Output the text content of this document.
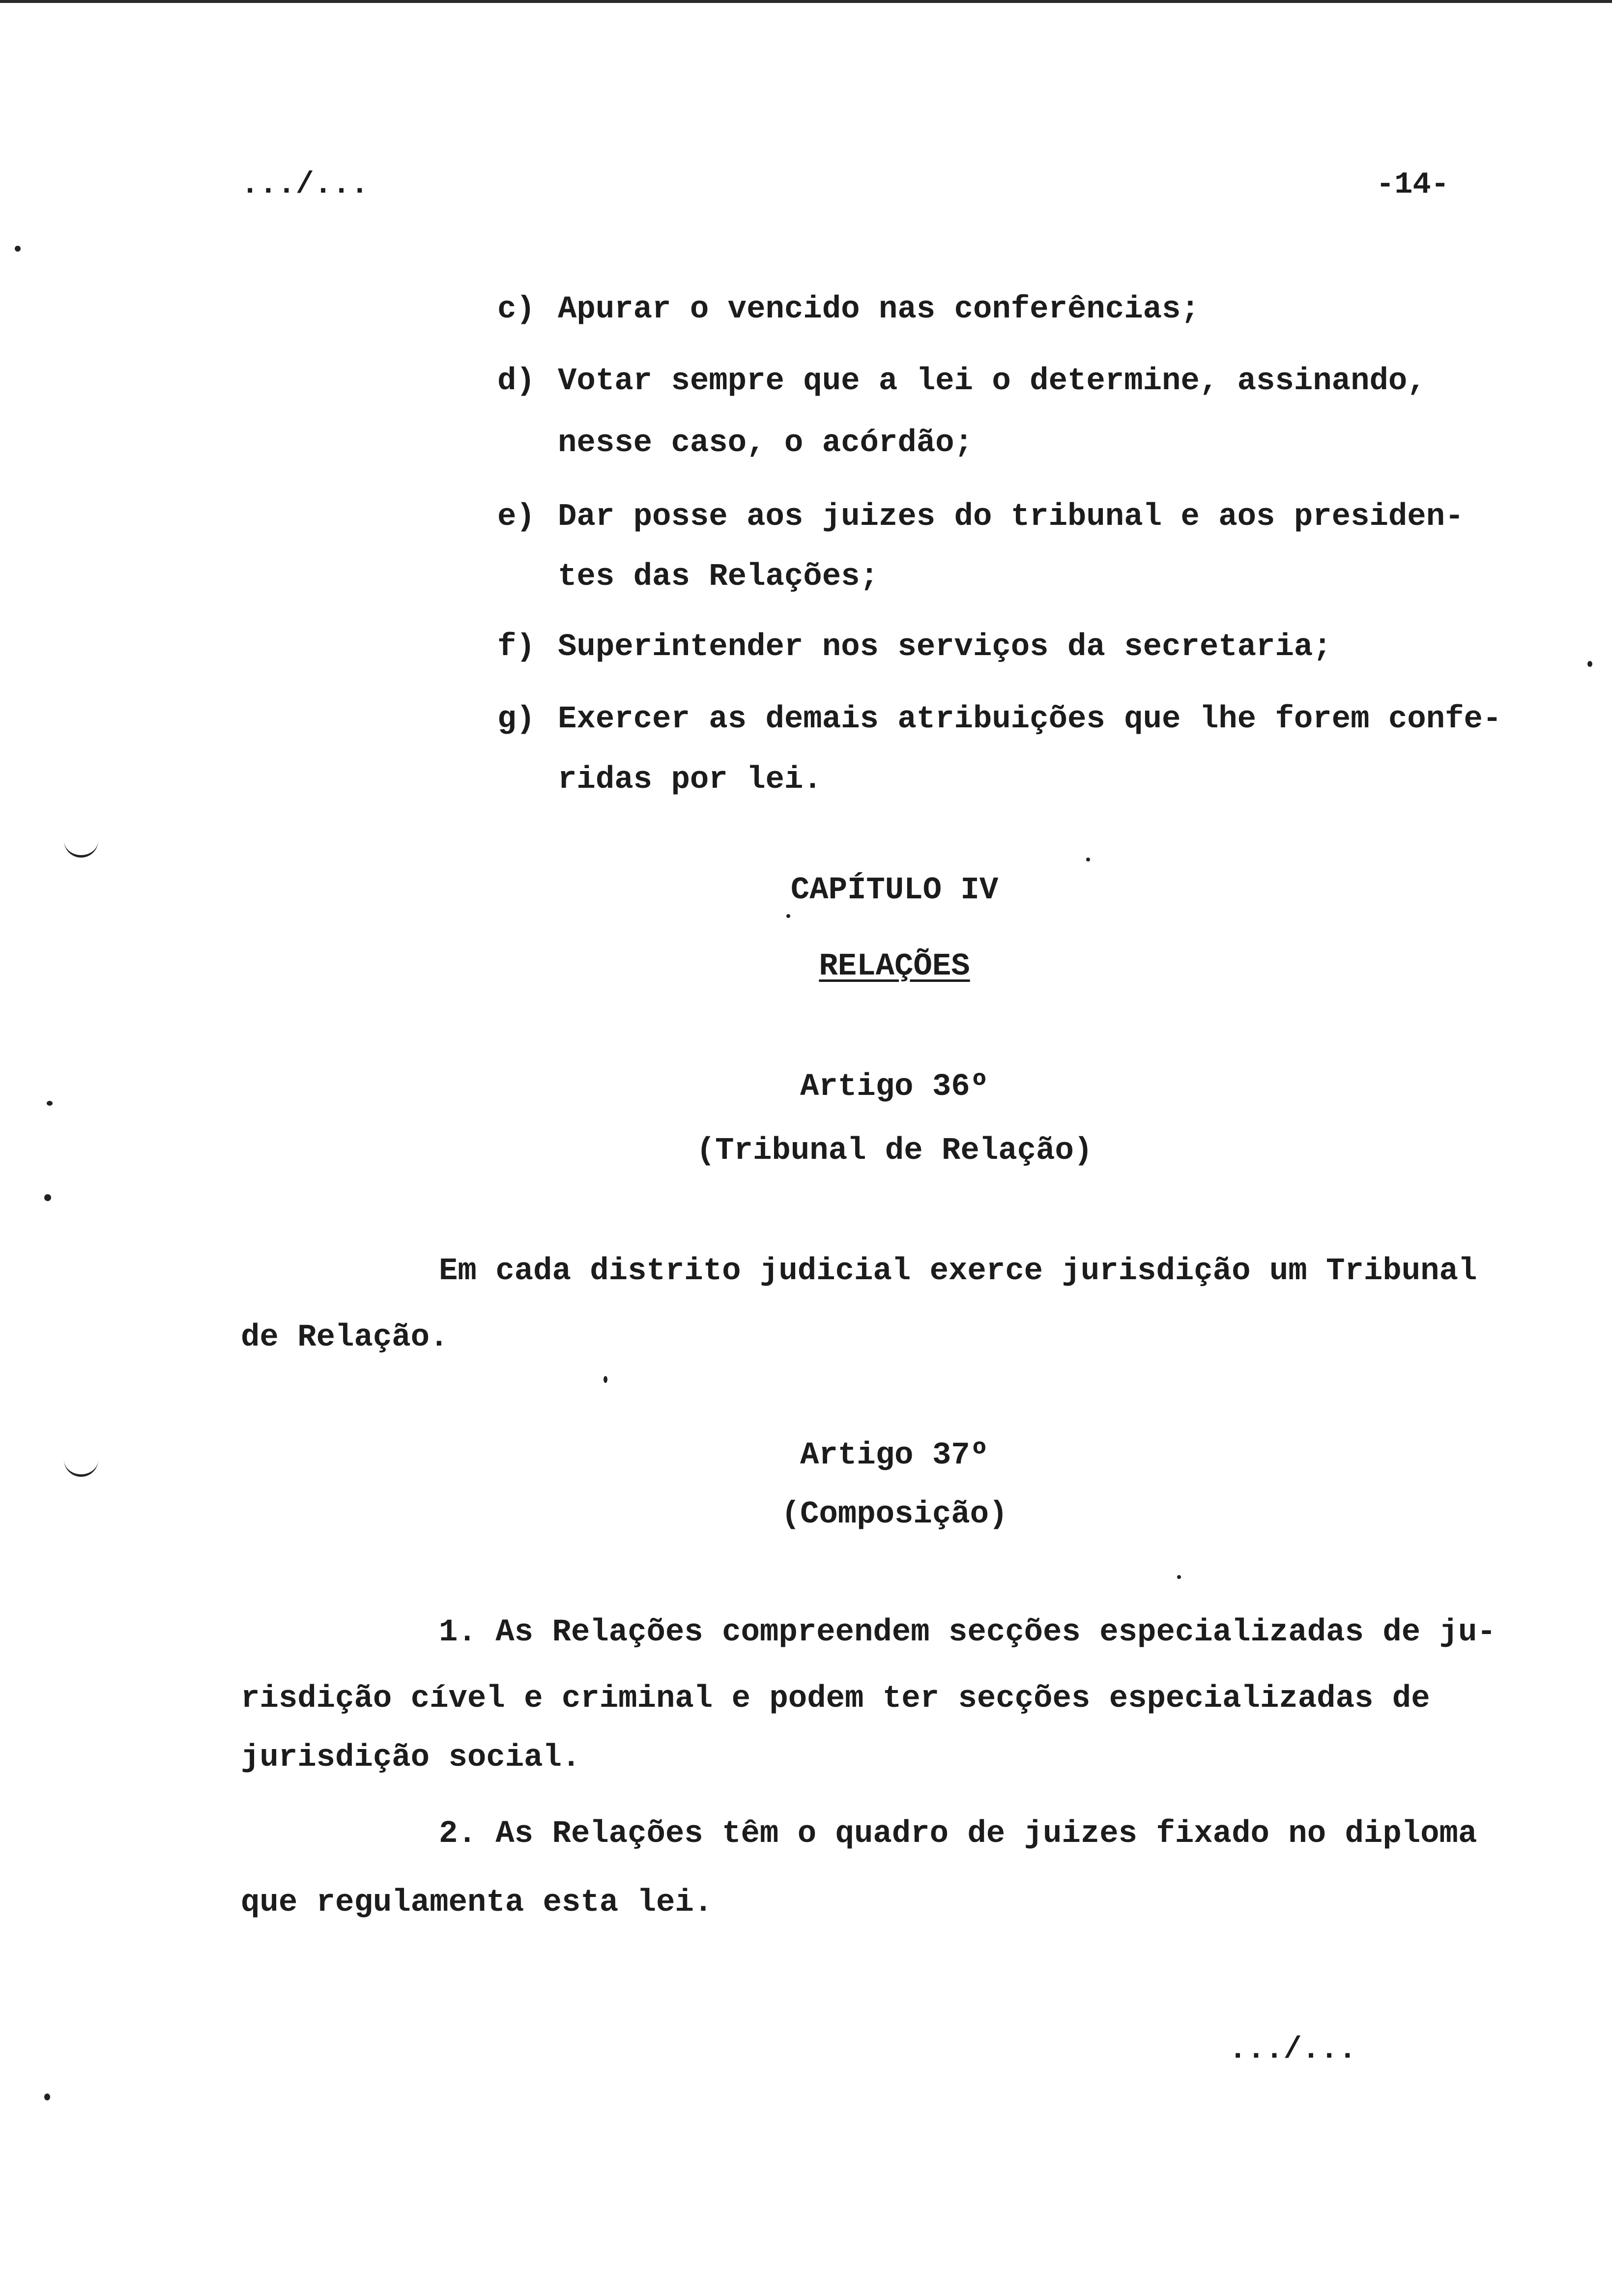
.../...	-14-
c) Apurar o vencido nas conferências;
d) Votar sempre que a lei o determine, assinando,
nesse caso, o acórdão;
e) Dar posse aos juizes do tribunal e aos presiden-
tes das Relações;
f) Superintender nos serviços da secretaria;
g) Exercer as demais atribuições que lhe forem confe-
ridas por lei.
CAPÍTULO IV
RELAÇÕES
Artigo 36º
(Tribunal de Relação)
Em cada distrito judicial exerce jurisdição um Tribunal
de Relação.
Artigo 37º
(Composição)
1. As Relações compreendem secções especializadas de ju-
risdição cível e criminal e podem ter secções especializadas de
jurisdição social.
2. As Relações têm o quadro de juizes fixado no diploma
que regulamenta esta lei.
.../...
